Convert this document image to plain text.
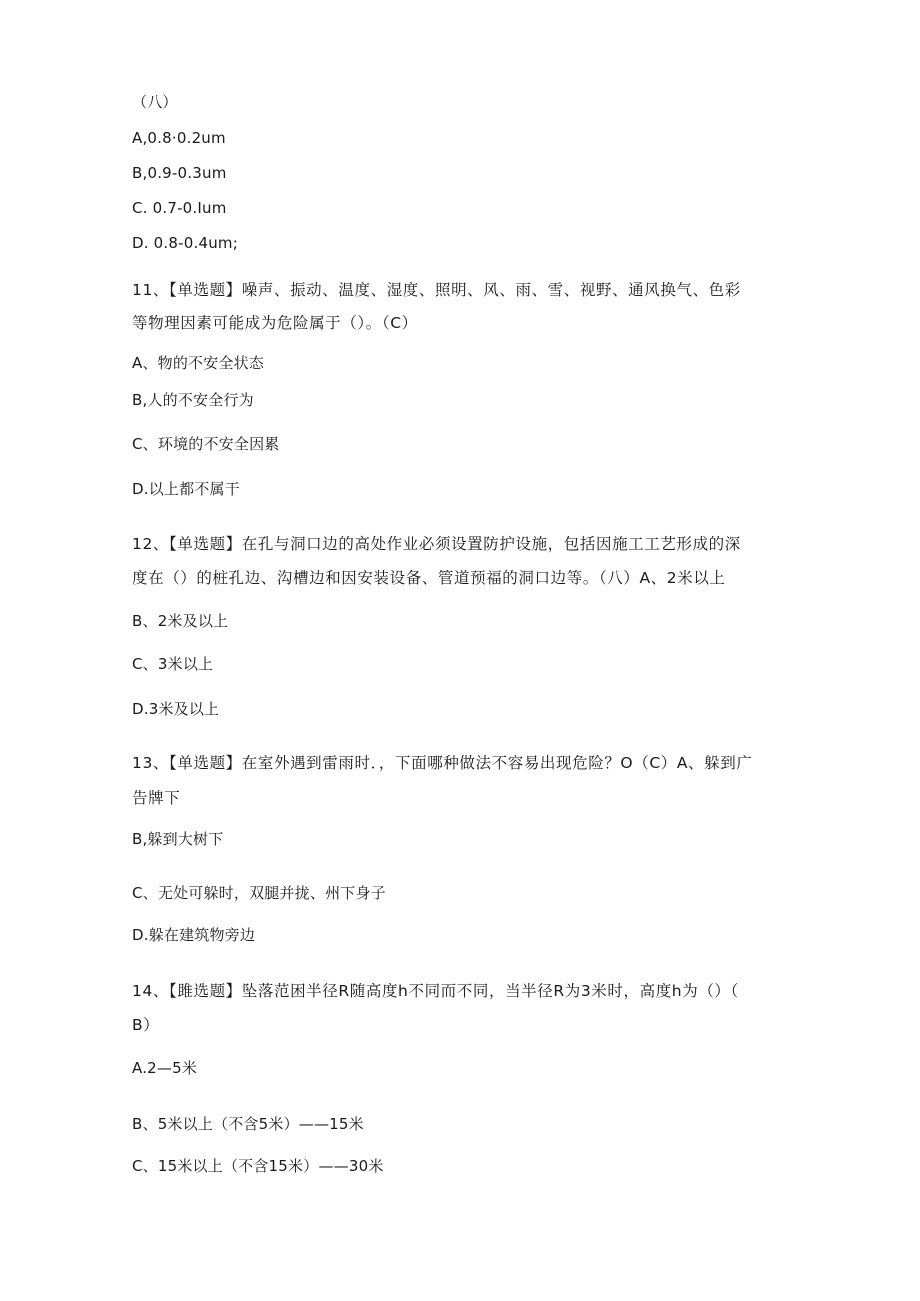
（八）
A,0.8·0.2um
B,0.9-0.3um
C. 0.7-0.Ium
D. 0.8-0.4um;
11、【单选题】噪声、振动、温度、湿度、照明、风、雨、雪、视野、通风换气、色彩
等物理因素可能成为危险属于（）。（C）
A、物的不安全状态
B,人的不安全行为
C、环境的不安全因累
D.以上都不属干
12、【单选题】在孔与洞口边的高处作业必须设置防护设施，包括因施工工艺形成的深
度在（）的桩孔边、沟槽边和因安装设备、管道预福的洞口边等。（八）A、2米以上
B、2米及以上
C、3米以上
D.3米及以上
13、【单选题】在室外遇到雷雨时．，下面哪种做法不容易出现危险？O（C）A、躲到广
告牌下
B,躲到大树下
C、无处可躲时，双腿并拢、州下身子
D.躲在建筑物旁边
14、【雎选题】坠落范困半径R随高度h不同而不同，当半径R为3米时，高度h为（）（
B）
A.2—5米
B、5米以上（不含5米）——15米
C、15米以上（不含15米）——30米
